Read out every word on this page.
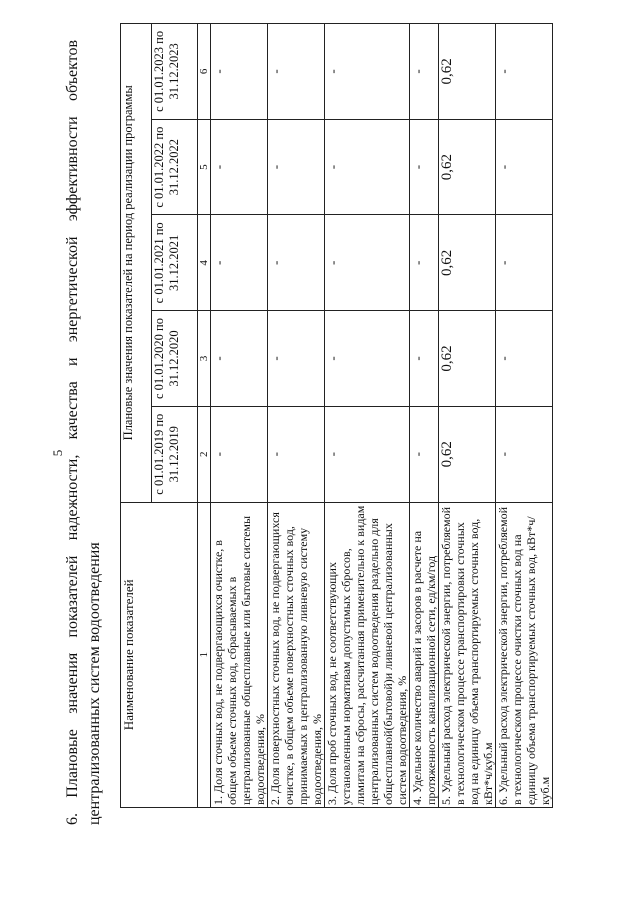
5 6. Плановые значения показателей надежности, качества и энергетической эффективности объектов централизованных систем водоотведения Наименование показателей	Плановые значения показателей на период реализации программы				
	с 01.01.2019 по 31.12.2019	с 01.01.2020 по 31.12.2020	с 01.01.2021 по 31.12.2021	с 01.01.2022 по 31.12.2022	с 01.01.2023 по 31.12.2023
1	2	3	4	5	6
1. Доля сточных вод, не подвергающихся очистке, в общем объеме сточных вод, сбрасываемых в централизованные общесплавные или бытовые системы водоотведения, %	-	-	-	-	-
2. Доля поверхностных сточных вод, не подвергающихся очистке, в общем объеме поверхностных сточных вод, принимаемых в централизованную ливневую систему водоотведения, %	-	-	-	-	-
3. Доля проб сточных вод, не соответствующих установленным нормативам допустимых сбросов, лимитам на сбросы, рассчитанная применительно к видам централизованных систем водоотведения раздельно для общесплавной(бытовой)и ливневой централизованных систем водоотведения, %	-	-	-	-	-
4. Удельное количество аварий и засоров в расчете на протяженность канализационной сети, ед/км/год	-	-	-	-	-
5. Удельный расход электрической энергии, потребляемой в технологическом процессе транспортировки сточных вод на единицу объема транспортируемых сточных вод, кВт*ч/куб.м	0,62	0,62	0,62	0,62	0,62
6. Удельный расход электрической энергии, потребляемой в технологическом процессе очистки сточных вод на единицу объема транспортируемых сточных вод, кВт*ч/куб.м	-	-	-	-	-
